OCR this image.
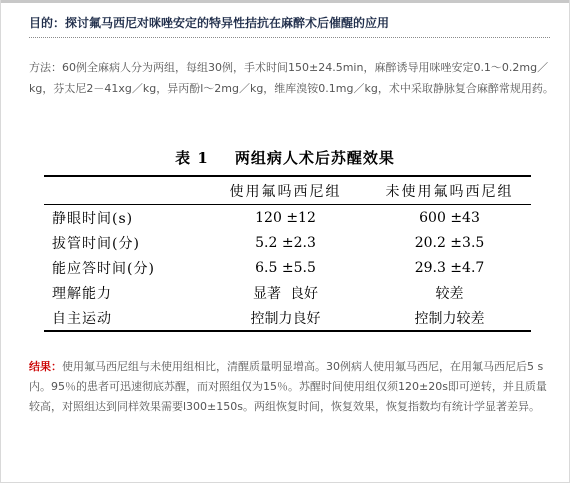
目的：探讨氟马西尼对咪唑安定的特异性拮抗在麻醉术后催醒的应用
方法：60例全麻病人分为两组，每组30例，手术时间150±24.5min，麻醉诱导用咪唑安定0.1～0.2mg／kg，芬太尼2－41xg／kg，异丙酚l～2mg／kg，维库溴铵0.1mg／kg，术中采取静脉复合麻醉常规用药。
表 1 两组病人术后苏醒效果
	使用氟吗西尼组	未使用氟吗西尼组
静眼时间(s)	120 ±12	600 ±43
拔管时间(分)	5.2 ±2.3	20.2 ±3.5
能应答时间(分)	6.5 ±5.5	29.3 ±4.7
理解能力	显著  良好	较差
自主运动	控制力良好	控制力较差
结果：使用氟马西尼组与未使用组相比，清醒质量明显增高。30例病人使用氟马西尼，在用氟马西尼后5 s内。95％的患者可迅速彻底苏醒，而对照组仅为15％。苏醒时间使用组仅须120±20s即可逆转，并且质量较高，对照组达到同样效果需要l300±150s。两组恢复时间，恢复效果，恢复指数均有统计学显著差异。
